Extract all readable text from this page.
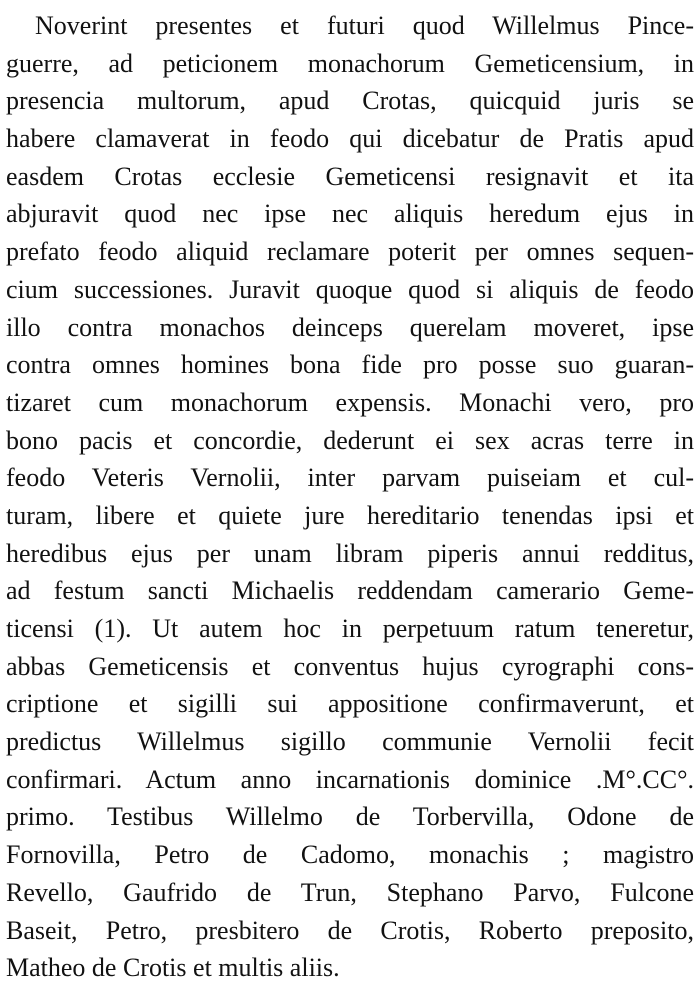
Noverint presentes et futuri quod Willelmus Pince-
guerre, ad peticionem monachorum Gemeticensium, in
presencia multorum, apud Crotas, quicquid juris se
habere clamaverat in feodo qui dicebatur de Pratis apud
easdem Crotas ecclesie Gemeticensi resignavit et ita
abjuravit quod nec ipse nec aliquis heredum ejus in
prefato feodo aliquid reclamare poterit per omnes sequen-
cium successiones. Juravit quoque quod si aliquis de feodo
illo contra monachos deinceps querelam moveret, ipse
contra omnes homines bona fide pro posse suo guaran-
tizaret cum monachorum expensis. Monachi vero, pro
bono pacis et concordie, dederunt ei sex acras terre in
feodo Veteris Vernolii, inter parvam puiseiam et cul-
turam, libere et quiete jure hereditario tenendas ipsi et
heredibus ejus per unam libram piperis annui redditus,
ad festum sancti Michaelis reddendam camerario Geme-
ticensi (1). Ut autem hoc in perpetuum ratum teneretur,
abbas Gemeticensis et conventus hujus cyrographi cons-
criptione et sigilli sui appositione confirmaverunt, et
predictus Willelmus sigillo communie Vernolii fecit
confirmari. Actum anno incarnationis dominice .M°.CC°.
primo. Testibus Willelmo de Torbervilla, Odone de
Fornovilla, Petro de Cadomo, monachis ; magistro
Revello, Gaufrido de Trun, Stephano Parvo, Fulcone
Baseit, Petro, presbitero de Crotis, Roberto preposito,
Matheo de Crotis et multis aliis.
